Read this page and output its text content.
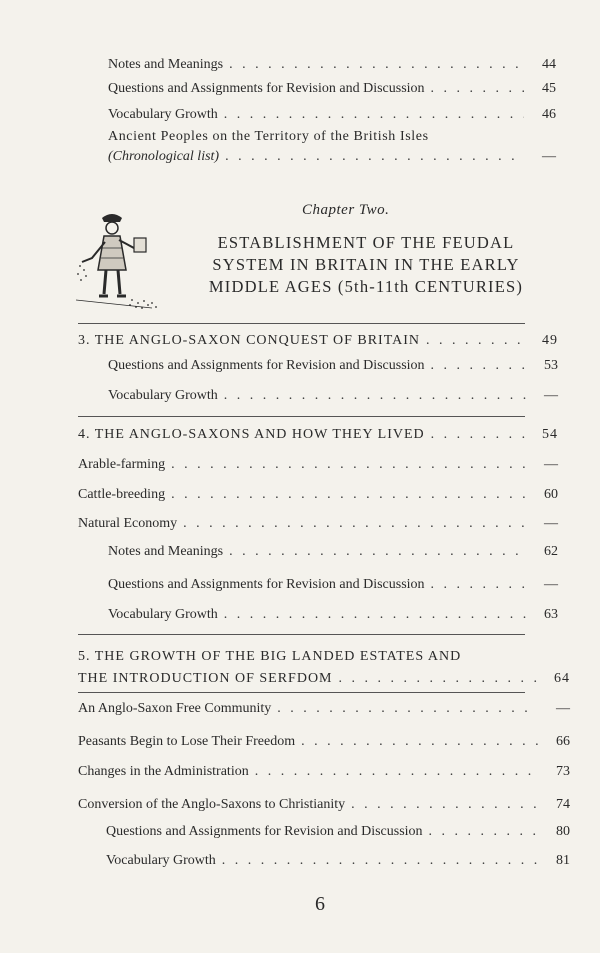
Notes and Meanings . . .	44
Questions and Assignments for Revision and Discussion . . .	45
Vocabulary Growth . . .	46
Ancient Peoples on the Territory of the British Isles
(Chronological list) . . .	—
Chapter Two.
ESTABLISHMENT OF THE FEUDAL
SYSTEM IN BRITAIN IN THE EARLY
MIDDLE AGES (5th-11th CENTURIES)
3. THE ANGLO-SAXON CONQUEST OF BRITAIN . . .	49
Questions and Assignments for Revision and Discussion . . .	53
Vocabulary Growth . . .	—
4. THE ANGLO-SAXONS AND HOW THEY LIVED . . .	54
Arable-farming . . .	—
Cattle-breeding . . .	60
Natural Economy . . .	—
Notes and Meanings . . .	62
Questions and Assignments for Revision and Discussion . . .	—
Vocabulary Growth . . .	63
5. THE GROWTH OF THE BIG LANDED ESTATES AND
THE INTRODUCTION OF SERFDOM . . .	64
An Anglo-Saxon Free Community . . .	—
Peasants Begin to Lose Their Freedom . . .	66
Changes in the Administration . . .	73
Conversion of the Anglo-Saxons to Christianity . . .	74
Questions and Assignments for Revision and Discussion . . .	80
Vocabulary Growth . . .	81
6
